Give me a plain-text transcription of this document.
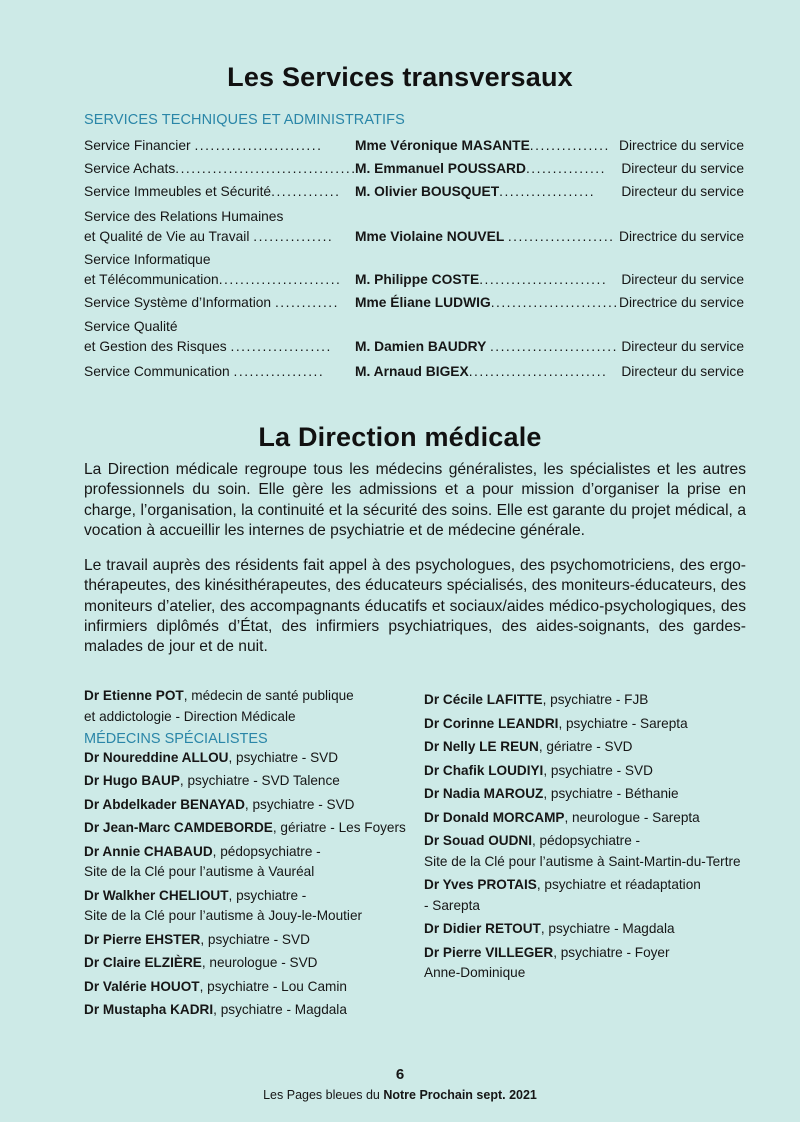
Les Services transversaux
SERVICES TECHNIQUES ET ADMINISTRATIFS
Service Financier ........................ Mme Véronique MASANTE............... Directrice du service
Service Achats..................................
M. Emmanuel POUSSARD............... Directeur du service
Service Immeubles et Sécurité............. M. Olivier BOUSQUET.................. Directeur du service
Service des Relations Humaines
et Qualité de Vie au Travail ............... Mme Violaine NOUVEL .................... Directrice du service
Service Informatique
et Télécommunication....................... M. Philippe COSTE........................ Directeur du service
Service Système d’Information ............ Mme Éliane LUDWIG........................ Directrice du service
Service Qualité
et Gestion des Risques ................... M. Damien BAUDRY ........................ Directeur du service
Service Communication ................. M. Arnaud BIGEX.......................... Directeur du service
La Direction médicale

La Direction médicale regroupe tous les médecins généralistes, les spécialistes et les autres professionnels du soin. Elle gère les admissions et a pour mission d’organiser la prise en charge, l’organisation, la continuité et la sécurité des soins. Elle est garante du projet médical, a vocation à accueillir les internes de psychiatrie et de médecine générale.

Le travail auprès des résidents fait appel à des psychologues, des psychomotriciens, des ergo-thérapeutes, des kinésithérapeutes, des éducateurs spécialisés, des moniteurs-éducateurs, des moniteurs d’atelier, des accompagnants éducatifs et sociaux/aides médico-psychologiques, des infirmiers diplômés d’État, des infirmiers psychiatriques, des aides-soignants, des gardes-malades de jour et de nuit.

Dr Etienne POT, médecin de santé publique

et addictologie - Direction Médicale

MÉDECINS SPÉCIALISTES

Dr Noureddine ALLOU, psychiatre - SVD

Dr Hugo BAUP, psychiatre - SVD Talence

Dr Abdelkader BENAYAD, psychiatre - SVD

Dr Jean-Marc CAMDEBORDE, gériatre - Les Foyers

Dr Annie CHABAUD, pédopsychiatre -

Site de la Clé pour l’autisme à Vauréal

Dr Walkher CHELIOUT, psychiatre -

Site de la Clé pour l’autisme à Jouy-le-Moutier

Dr Pierre EHSTER, psychiatre - SVD

Dr Claire ELZIÈRE, neurologue - SVD

Dr Valérie HOUOT, psychiatre - Lou Camin

Dr Mustapha KADRI, psychiatre - Magdala

Dr Cécile LAFITTE, psychiatre - FJB

Dr Corinne LEANDRI, psychiatre - Sarepta

Dr Nelly LE REUN, gériatre - SVD

Dr Chafik LOUDIYI, psychiatre - SVD

Dr Nadia MAROUZ, psychiatre - Béthanie

Dr Donald MORCAMP, neurologue - Sarepta

Dr Souad OUDNI, pédopsychiatre -

Site de la Clé pour l’autisme à Saint-Martin-du-Tertre

Dr Yves PROTAIS, psychiatre et réadaptation

- Sarepta

Dr Didier RETOUT, psychiatre - Magdala

Dr Pierre VILLEGER, psychiatre - Foyer

Anne-Dominique

6
Les Pages bleues du Notre Prochain sept. 2021
